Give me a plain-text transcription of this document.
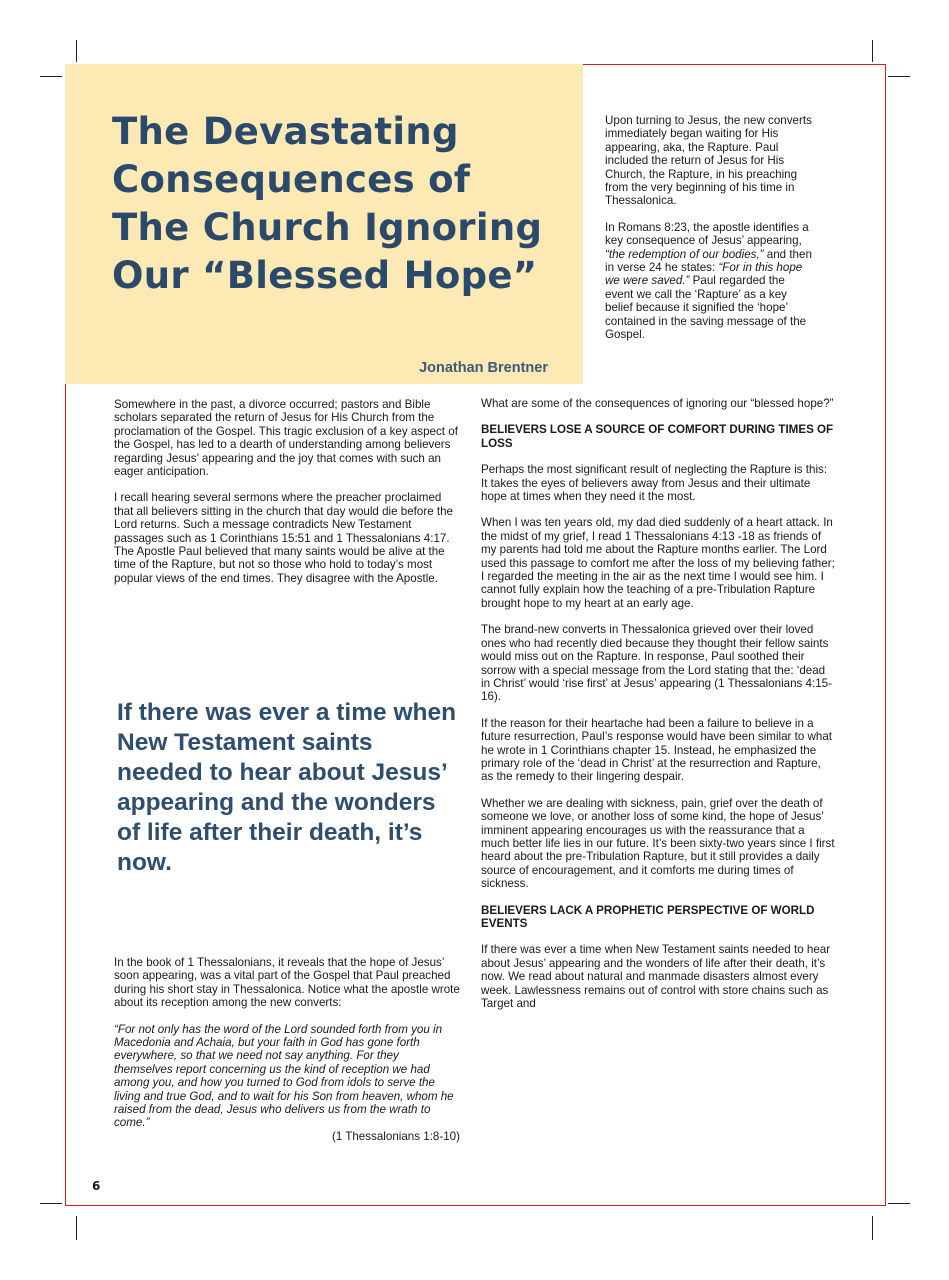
The Devastating Consequences of The Church Ignoring Our “Blessed Hope”
Jonathan Brentner

Upon turning to Jesus, the new converts immediately began waiting for His appearing, aka, the Rapture. Paul included the return of Jesus for His Church, the Rapture, in his preaching from the very beginning of his time in Thessalonica.

In Romans 8:23, the apostle identifies a key consequence of Jesus’ appearing, “the redemption of our bodies,” and then in verse 24 he states: “For in this hope we were saved.” Paul regarded the event we call the ‘Rapture’ as a key belief because it signified the ‘hope’ contained in the saving message of the Gospel.

Somewhere in the past, a divorce occurred; pastors and Bible scholars separated the return of Jesus for His Church from the proclamation of the Gospel. This tragic exclusion of a key aspect of the Gospel, has led to a dearth of understanding among believers regarding Jesus’ appearing and the joy that comes with such an eager anticipation.

I recall hearing several sermons where the preacher proclaimed that all believers sitting in the church that day would die before the Lord returns. Such a message contradicts New Testament passages such as 1 Corinthians 15:51 and 1 Thessalonians 4:17. The Apostle Paul believed that many saints would be alive at the time of the Rapture, but not so those who hold to today’s most popular views of the end times. They disagree with the Apostle.

If there was ever a time when New Testament saints needed to hear about Jesus’ appearing and the wonders of life after their death, it’s now.

In the book of 1 Thessalonians, it reveals that the hope of Jesus’ soon appearing, was a vital part of the Gospel that Paul preached during his short stay in Thessalonica. Notice what the apostle wrote about its reception among the new converts:

“For not only has the word of the Lord sounded forth from you in Macedonia and Achaia, but your faith in God has gone forth everywhere, so that we need not say anything. For they themselves report concerning us the kind of reception we had among you, and how you turned to God from idols to serve the living and true God, and to wait for his Son from heaven, whom he raised from the dead, Jesus who delivers us from the wrath to come.”

(1 Thessalonians 1:8-10)

What are some of the consequences of ignoring our “blessed hope?”

BELIEVERS LOSE A SOURCE OF COMFORT DURING TIMES OF LOSS

Perhaps the most significant result of neglecting the Rapture is this: It takes the eyes of believers away from Jesus and their ultimate hope at times when they need it the most.

When I was ten years old, my dad died suddenly of a heart attack. In the midst of my grief, I read 1 Thessalonians 4:13 -18 as friends of my parents had told me about the Rapture months earlier. The Lord used this passage to comfort me after the loss of my believing father; I regarded the meeting in the air as the next time I would see him. I cannot fully explain how the teaching of a pre-Tribulation Rapture brought hope to my heart at an early age.

The brand-new converts in Thessalonica grieved over their loved ones who had recently died because they thought their fellow saints would miss out on the Rapture. In response, Paul soothed their sorrow with a special message from the Lord stating that the: ‘dead in Christ’ would ‘rise first’ at Jesus’ appearing (1 Thessalonians 4:15-16).

If the reason for their heartache had been a failure to believe in a future resurrection, Paul’s response would have been similar to what he wrote in 1 Corinthians chapter 15. Instead, he emphasized the primary role of the ‘dead in Christ’ at the resurrection and Rapture, as the remedy to their lingering despair.

Whether we are dealing with sickness, pain, grief over the death of someone we love, or another loss of some kind, the hope of Jesus’ imminent appearing encourages us with the reassurance that a much better life lies in our future. It’s been sixty-two years since I first heard about the pre-Tribulation Rapture, but it still provides a daily source of encouragement, and it comforts me during times of sickness.

BELIEVERS LACK A PROPHETIC PERSPECTIVE OF WORLD EVENTS

If there was ever a time when New Testament saints needed to hear about Jesus’ appearing and the wonders of life after their death, it’s now. We read about natural and manmade disasters almost every week. Lawlessness remains out of control with store chains such as Target and

6
